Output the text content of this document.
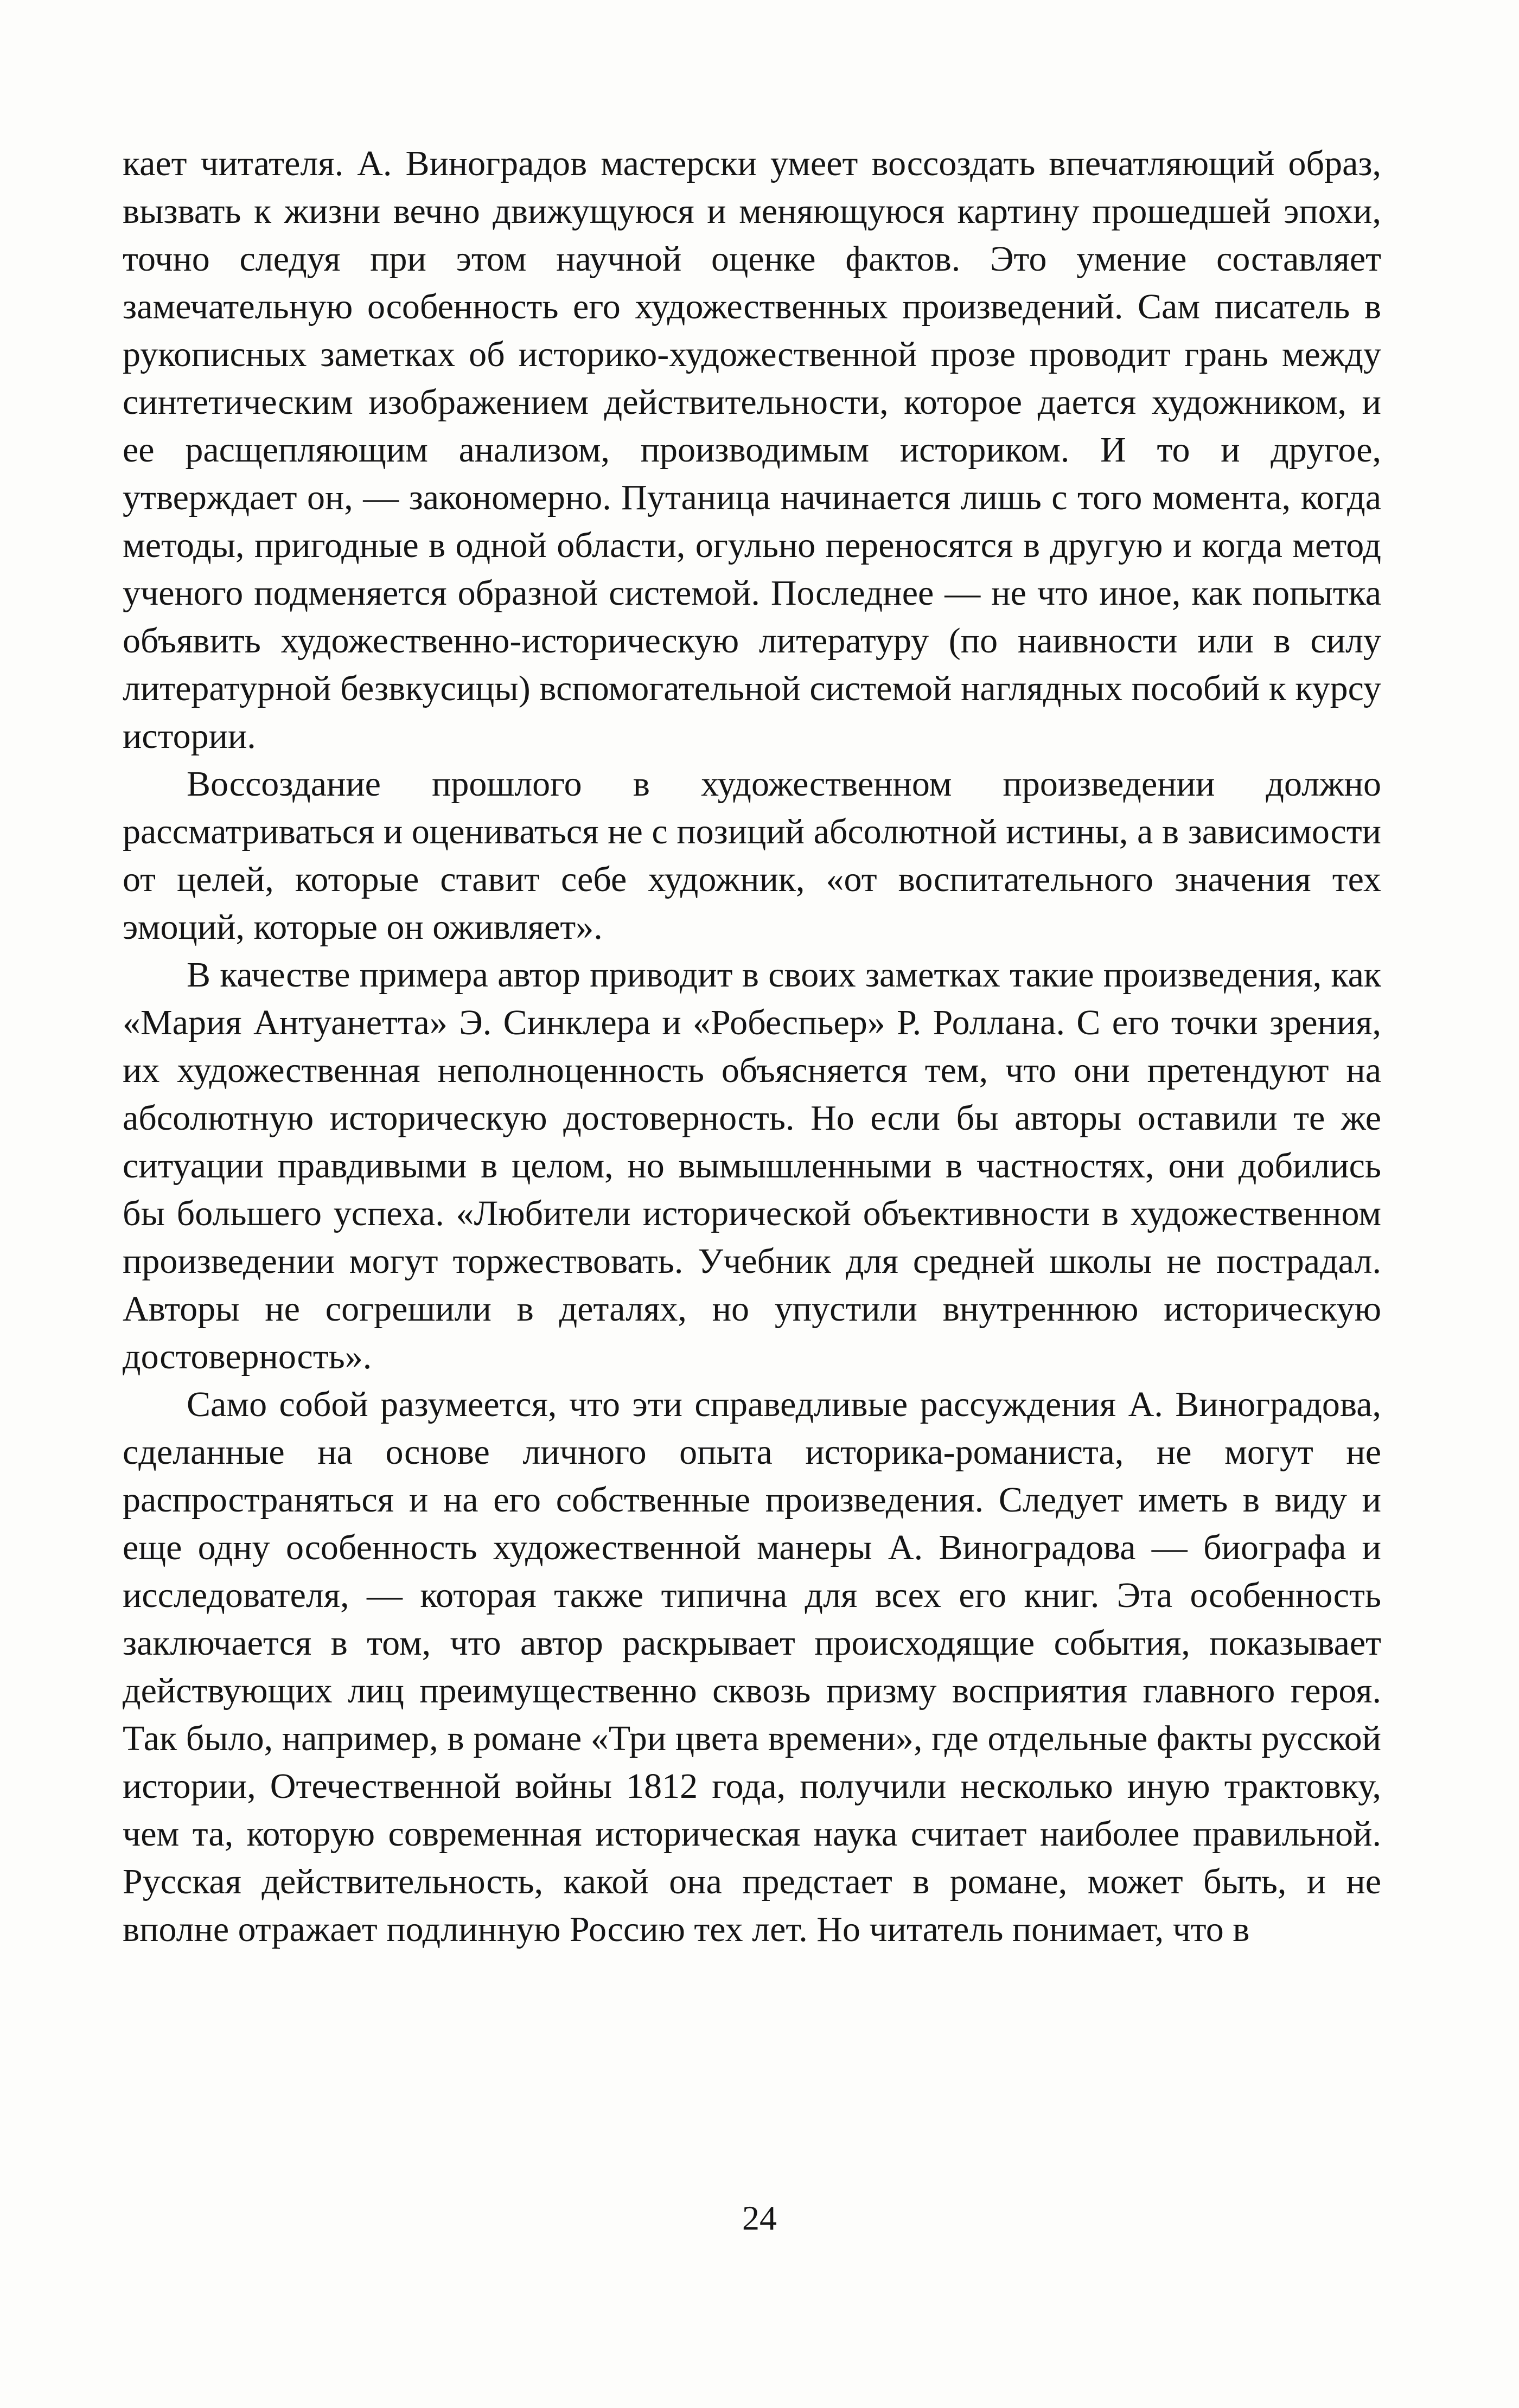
кает читателя. А. Виноградов мастерски умеет воссоздать впечатляющий образ, вызвать к жизни вечно движущуюся и меняющуюся картину прошедшей эпохи, точно следуя при этом научной оценке фактов. Это умение составляет замечательную особенность его художественных произведений. Сам писатель в рукописных заметках об историко-художественной прозе проводит грань между синтетическим изображением действительности, которое дается художником, и ее расщепляющим анализом, производимым историком. И то и другое, утверждает он, — закономерно. Путаница начинается лишь с того момента, когда методы, пригодные в одной области, огульно переносятся в другую и когда метод ученого подменяется образной системой. Последнее — не что иное, как попытка объявить художественно-историческую литературу (по наивности или в силу литературной безвкусицы) вспомогательной системой наглядных пособий к курсу истории.

Воссоздание прошлого в художественном произведении должно рассматриваться и оцениваться не с позиций абсолютной истины, а в зависимости от целей, которые ставит себе художник, «от воспитательного значения тех эмоций, которые он оживляет».

В качестве примера автор приводит в своих заметках такие произведения, как «Мария Антуанетта» Э. Синклера и «Робеспьер» Р. Роллана. С его точки зрения, их художественная неполноценность объясняется тем, что они претендуют на абсолютную историческую достоверность. Но если бы авторы оставили те же ситуации правдивыми в целом, но вымышленными в частностях, они добились бы большего успеха. «Любители исторической объективности в художественном произведении могут торжествовать. Учебник для средней школы не пострадал. Авторы не согрешили в деталях, но упустили внутреннюю историческую достоверность».

Само собой разумеется, что эти справедливые рассуждения А. Виноградова, сделанные на основе личного опыта историка-романиста, не могут не распространяться и на его собственные произведения. Следует иметь в виду и еще одну особенность художественной манеры А. Виноградова — биографа и исследователя, — которая также типична для всех его книг. Эта особенность заключается в том, что автор раскрывает происходящие события, показывает действующих лиц преимущественно сквозь призму восприятия главного героя. Так было, например, в романе «Три цвета времени», где отдельные факты русской истории, Отечественной войны 1812 года, получили несколько иную трактовку, чем та, которую современная историческая наука считает наиболее правильной. Русская действительность, какой она предстает в романе, может быть, и не вполне отражает подлинную Россию тех лет. Но читатель понимает, что в

24
